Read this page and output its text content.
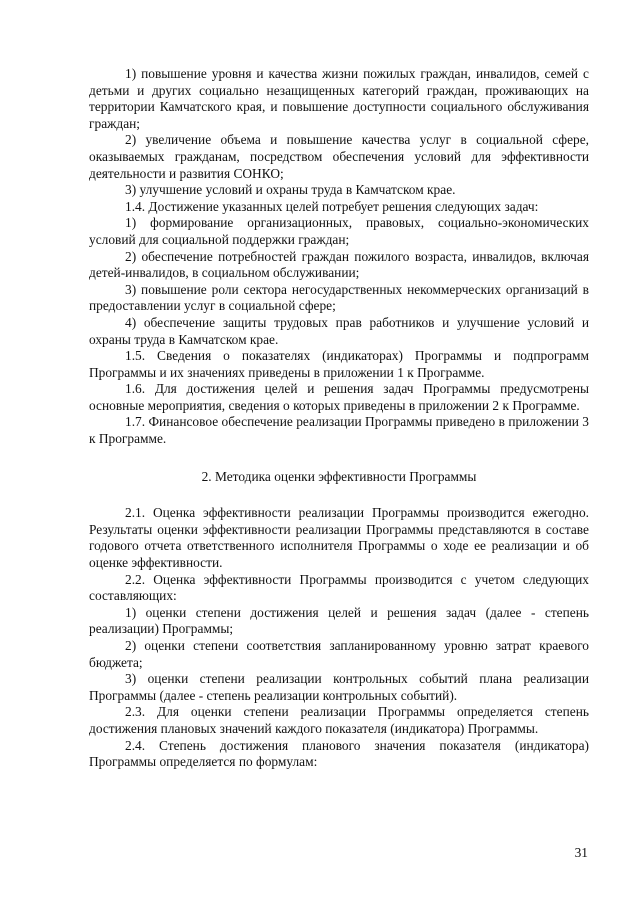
1) повышение уровня и качества жизни пожилых граждан, инвалидов, семей с детьми и других социально незащищенных категорий граждан, проживающих на территории Камчатского края, и повышение доступности социального обслуживания граждан;

2) увеличение объема и повышение качества услуг в социальной сфере, оказываемых гражданам, посредством обеспечения условий для эффективности деятельности и развития СОНКО;

3) улучшение условий и охраны труда в Камчатском крае.

1.4. Достижение указанных целей потребует решения следующих задач:

1) формирование организационных, правовых, социально-экономических условий для социальной поддержки граждан;

2) обеспечение потребностей граждан пожилого возраста, инвалидов, включая детей-инвалидов, в социальном обслуживании;

3) повышение роли сектора негосударственных некоммерческих организаций в предоставлении услуг в социальной сфере;

4) обеспечение защиты трудовых прав работников и улучшение условий и охраны труда в Камчатском крае.

1.5. Сведения о показателях (индикаторах) Программы и подпрограмм Программы и их значениях приведены в приложении 1 к Программе.

1.6. Для достижения целей и решения задач Программы предусмотрены основные мероприятия, сведения о которых приведены в приложении 2 к Программе.

1.7. Финансовое обеспечение реализации Программы приведено в приложении 3 к Программе.

2. Методика оценки эффективности Программы

2.1. Оценка эффективности реализации Программы производится ежегодно. Результаты оценки эффективности реализации Программы представляются в составе годового отчета ответственного исполнителя Программы о ходе ее реализации и об оценке эффективности.

2.2. Оценка эффективности Программы производится с учетом следующих составляющих:

1) оценки степени достижения целей и решения задач (далее - степень реализации) Программы;

2) оценки степени соответствия запланированному уровню затрат краевого бюджета;

3) оценки степени реализации контрольных событий плана реализации Программы (далее - степень реализации контрольных событий).

2.3. Для оценки степени реализации Программы определяется степень достижения плановых значений каждого показателя (индикатора) Программы.

2.4. Степень достижения планового значения показателя (индикатора) Программы определяется по формулам:

31
